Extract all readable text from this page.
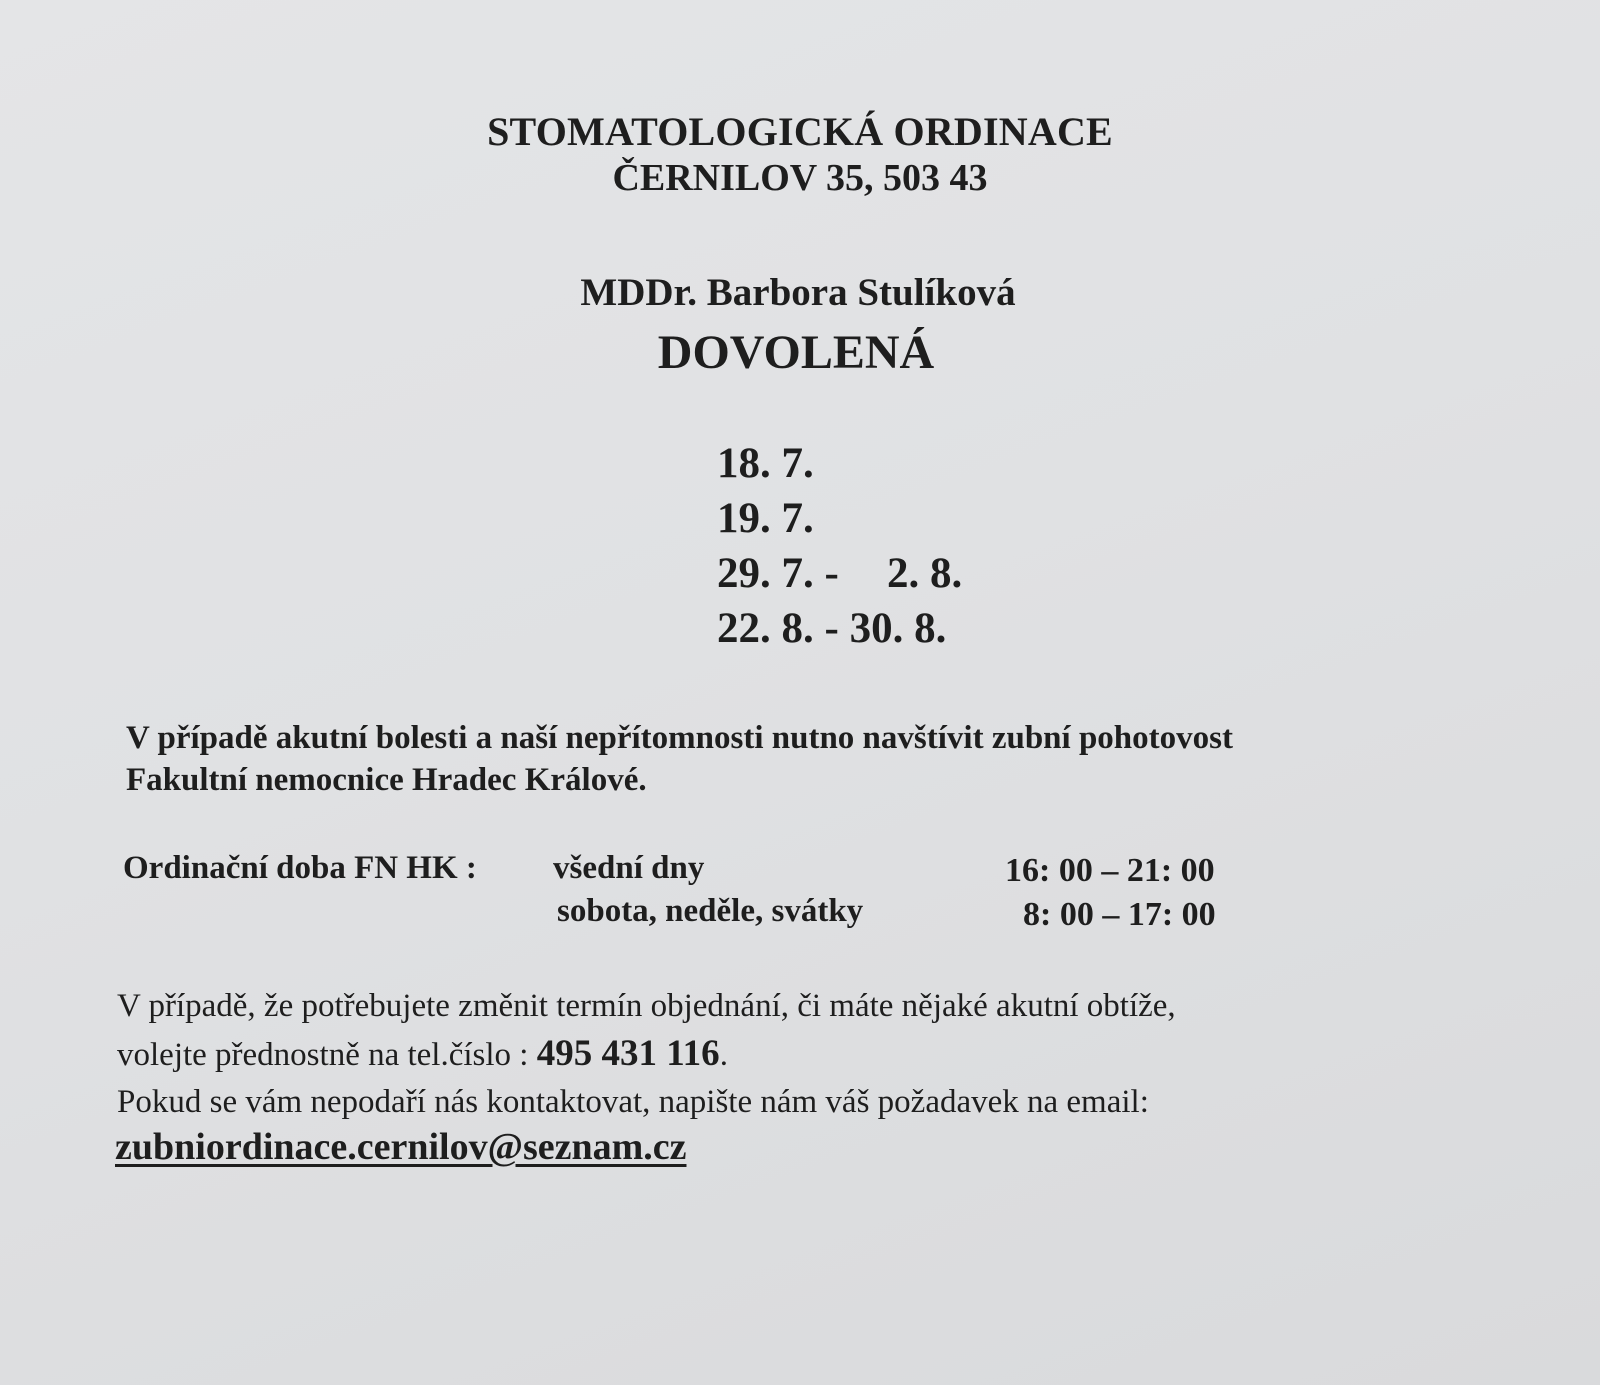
STOMATOLOGICKÁ ORDINACE
ČERNILOV 35, 503 43
MDDr. Barbora Stulíková
DOVOLENÁ
18. 7.
19. 7.
29. 7. - 2. 8.
22. 8. - 30. 8.
V případě akutní bolesti a naší nepřítomnosti nutno navštívit zubní pohotovost
Fakultní nemocnice Hradec Králové.
Ordinační doba FN HK : všední dny	16: 00 – 21: 00
sobota, neděle, svátky	8: 00 – 17: 00
V případě, že potřebujete změnit termín objednání, či máte nějaké akutní obtíže,
volejte přednostně na tel.číslo : 495 431 116.
Pokud se vám nepodaří nás kontaktovat, napište nám váš požadavek na email:
zubniordinace.cernilov@seznam.cz
